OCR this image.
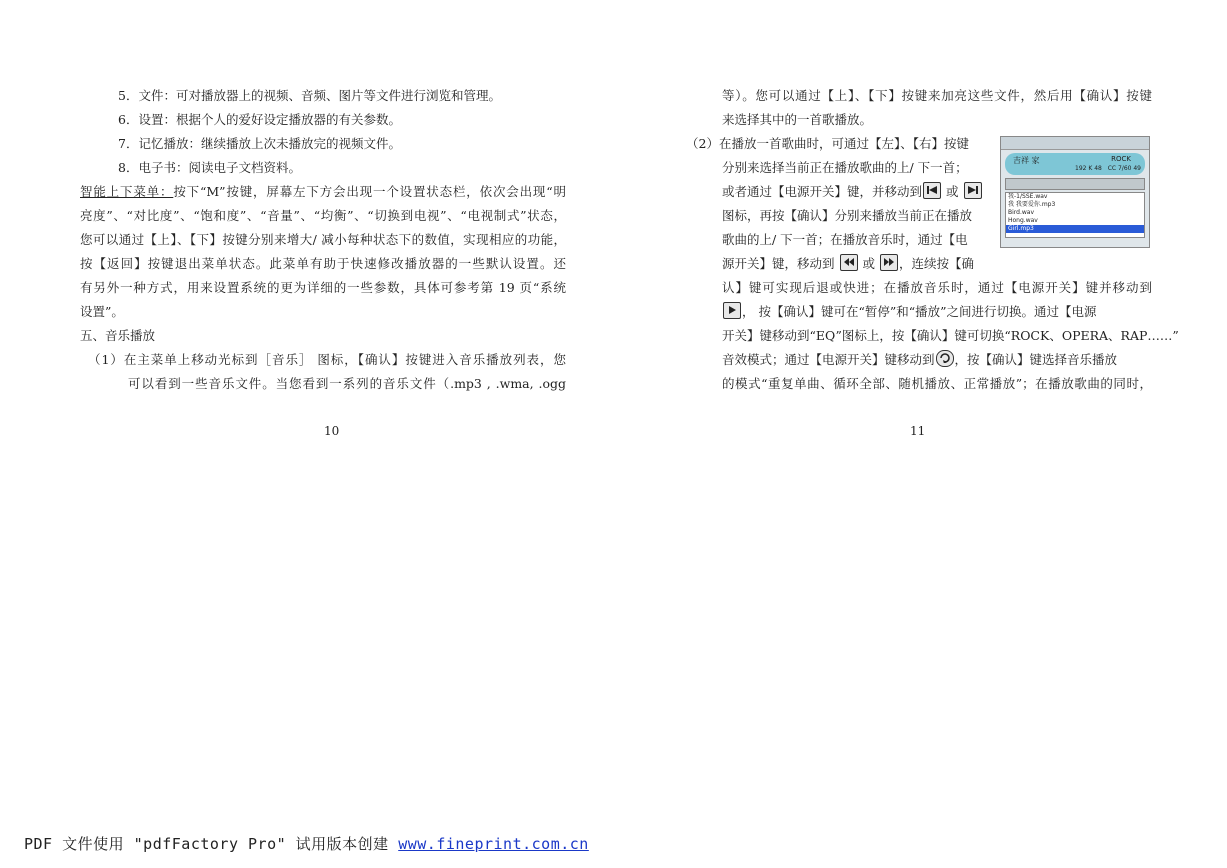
5．文件：可对播放器上的视频、音频、图片等文件进行浏览和管理。
6．设置：根据个人的爱好设定播放器的有关参数。
7．记忆播放：继续播放上次未播放完的视频文件。
8．电子书：阅读电子文档资料。
智能上下菜单：按下“M”按键，屏幕左下方会出现一个设置状态栏，依次会出现“明
亮度”、“对比度”、“饱和度”、“音量”、“均衡”、“切换到电视”、“电视制式”状态，
您可以通过【上】、【下】按键分别来增大/ 减小每种状态下的数值，实现相应的功能，
按【返回】按键退出菜单状态。此菜单有助于快速修改播放器的一些默认设置。还
有另外一种方式，用来设置系统的更为详细的一些参数，具体可参考第 19 页“系统
设置”。
五、音乐播放
（1）在主菜单上移动光标到［音乐］ 图标，【确认】按键进入音乐播放列表，您
可以看到一些音乐文件。当您看到一系列的音乐文件（.mp3 , .wma, .ogg
10
等）。您可以通过【上】、【下】按键来加亮这些文件，然后用【确认】按键
来选择其中的一首歌播放。
（2）在播放一首歌曲时，可通过【左】、【右】按键
分别来选择当前正在播放歌曲的上/ 下一首；
或者通过【电源开关】键，并移动到 或
图标，再按【确认】分别来播放当前正在播放
歌曲的上/ 下一首；在播放音乐时，通过【电
源开关】键，移动到 或 ，连续按【确
认】键可实现后退或快进；在播放音乐时，通过【电源开关】键并移动到
， 按【确认】键可在“暂停”和“播放”之间进行切换。通过【电源
开关】键移动到“EQ”图标上，按【确认】键可切换“ROCK、OPERA、RAP……”
音效模式；通过【电源开关】键移动到 ，按【确认】键选择音乐播放
的模式“重复单曲、循环全部、随机播放、正常播放”；在播放歌曲的同时，
11
吉祥 家	ROCK
192 K 48 CC 7/60 49
我-1/SSE.wav
我 我要爱你.mp3
Bird.wav
Hong.wav
Girl.mp3
PDF 文件使用 "pdfFactory Pro" 试用版本创建 www.fineprint.com.cn
